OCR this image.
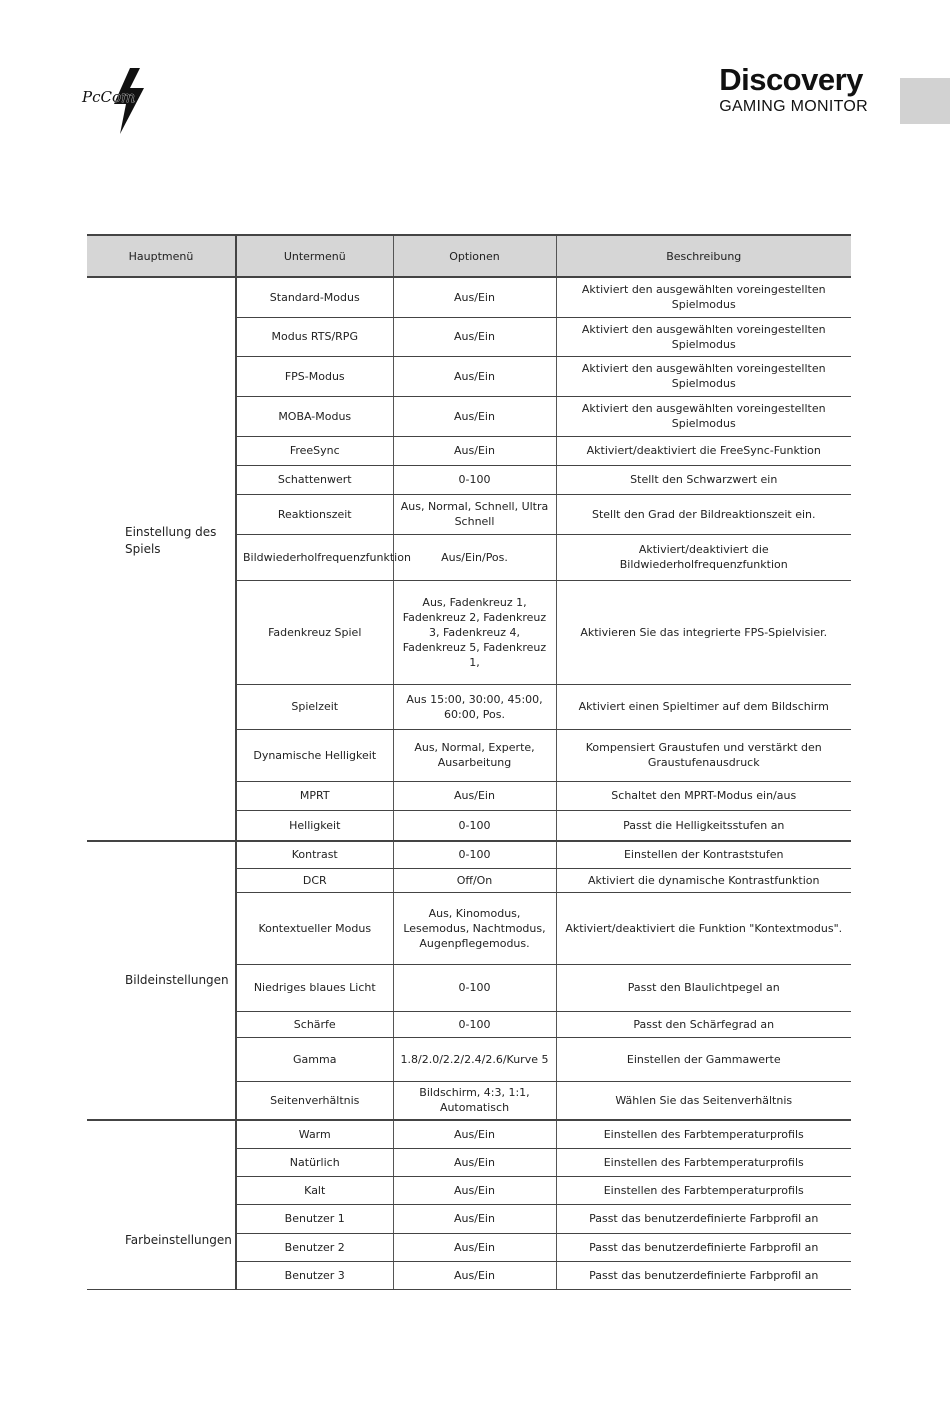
PcCom	Discovery
GAMING MONITOR
Hauptmenü	Untermenü	Optionen	Beschreibung
Einstellung des Spiels	Standard-Modus	Aus/Ein	Aktiviert den ausgewählten voreingestellten Spielmodus
	Modus RTS/RPG	Aus/Ein	Aktiviert den ausgewählten voreingestellten Spielmodus
	FPS-Modus	Aus/Ein	Aktiviert den ausgewählten voreingestellten Spielmodus
	MOBA-Modus	Aus/Ein	Aktiviert den ausgewählten voreingestellten Spielmodus
	FreeSync	Aus/Ein	Aktiviert/deaktiviert die FreeSync-Funktion
	Schattenwert	0-100	Stellt den Schwarzwert ein
	Reaktionszeit	Aus, Normal, Schnell, Ultra Schnell	Stellt den Grad der Bildreaktionszeit ein.
	Bildwiederholfrequenzfunktion	Aus/Ein/Pos.	Aktiviert/deaktiviert die Bildwiederholfrequenzfunktion
	Fadenkreuz Spiel	Aus, Fadenkreuz 1, Fadenkreuz 2, Fadenkreuz 3, Fadenkreuz 4, Fadenkreuz 5, Fadenkreuz 1,	Aktivieren Sie das integrierte FPS-Spielvisier.
	Spielzeit	Aus 15:00, 30:00, 45:00, 60:00, Pos.	Aktiviert einen Spieltimer auf dem Bildschirm
	Dynamische Helligkeit	Aus, Normal, Experte, Ausarbeitung	Kompensiert Graustufen und verstärkt den Graustufenausdruck
	MPRT	Aus/Ein	Schaltet den MPRT-Modus ein/aus
	Helligkeit	0-100	Passt die Helligkeitsstufen an
Bildeinstellungen	Kontrast	0-100	Einstellen der Kontraststufen
	DCR	Off/On	Aktiviert die dynamische Kontrastfunktion
	Kontextueller Modus	Aus, Kinomodus, Lesemodus, Nachtmodus, Augenpflegemodus.	Aktiviert/deaktiviert die Funktion "Kontextmodus".
	Niedriges blaues Licht	0-100	Passt den Blaulichtpegel an
	Schärfe	0-100	Passt den Schärfegrad an
	Gamma	1.8/2.0/2.2/2.4/2.6/Kurve 5	Einstellen der Gammawerte
	Seitenverhältnis	Bildschirm, 4:3, 1:1, Automatisch	Wählen Sie das Seitenverhältnis
Farbeinstellungen	Warm	Aus/Ein	Einstellen des Farbtemperaturprofils
	Natürlich	Aus/Ein	Einstellen des Farbtemperaturprofils
	Kalt	Aus/Ein	Einstellen des Farbtemperaturprofils
	Benutzer 1	Aus/Ein	Passt das benutzerdefinierte Farbprofil an
	Benutzer 2	Aus/Ein	Passt das benutzerdefinierte Farbprofil an
	Benutzer 3	Aus/Ein	Passt das benutzerdefinierte Farbprofil an
